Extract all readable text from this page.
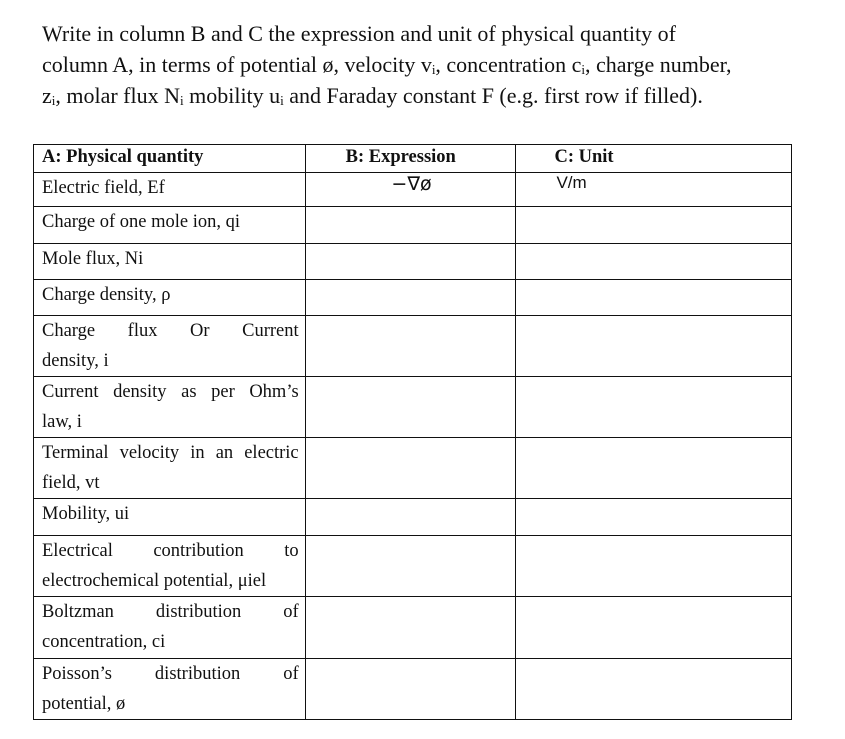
Write in column B and C the expression and unit of physical quantity of

column A, in terms of potential ø, velocity vᵢ, concentration cᵢ, charge number,

zᵢ, molar flux Nᵢ mobility uᵢ and Faraday constant F (e.g. first row if filled).

A: Physical quantity	B: Expression	C: Unit

Electric field, Ef	−∇ø	V/m

Charge of one mole ion, qi		

Mole flux, Ni		

Charge density, ρ		

Charge flux Or Current
density, i		

Current density as per Ohm’s
law, i		

Terminal velocity in an electric
field, vt		

Mobility, ui		

Electrical contribution to
electrochemical potential, μiel		

Boltzman distribution of
concentration, ci		

Poisson’s distribution of
potential, ø		
